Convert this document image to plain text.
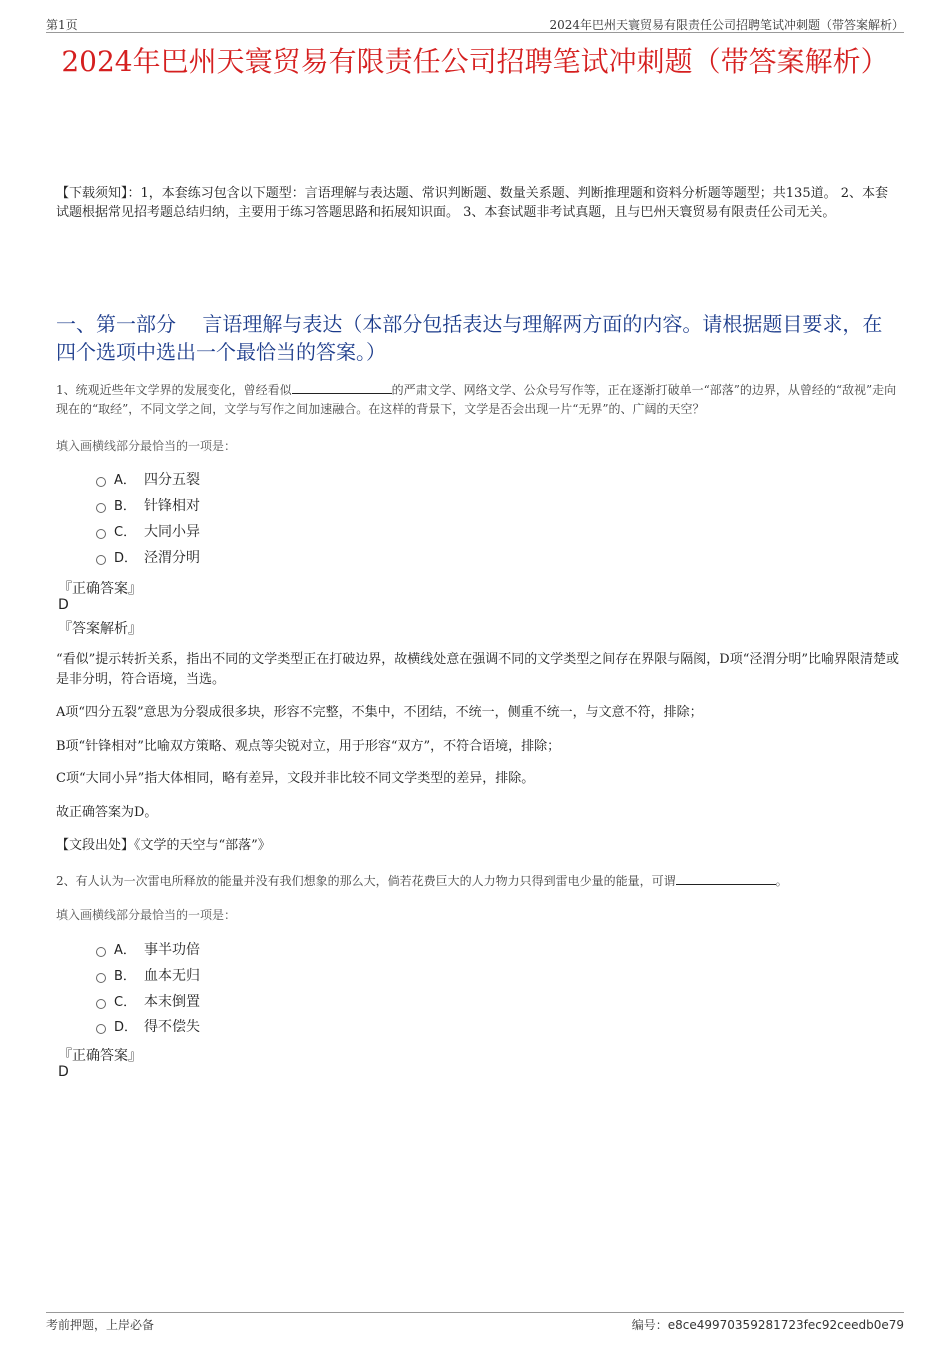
第1页	2024年巴州天寰贸易有限责任公司招聘笔试冲刺题（带答案解析）
2024年巴州天寰贸易有限责任公司招聘笔试冲刺题（带答案解析）
【下载须知】：1，本套练习包含以下题型：言语理解与表达题、常识判断题、数量关系题、判断推理题和资料分析题等题型；共135道。 2、本套试题根据常见招考题总结归纳，主要用于练习答题思路和拓展知识面。 3、本套试题非考试真题，且与巴州天寰贸易有限责任公司无关。
一、第一部分　 言语理解与表达（本部分包括表达与理解两方面的内容。请根据题目要求，在四个选项中选出一个最恰当的答案。）
1、统观近些年文学界的发展变化，曾经看似	的严肃文学、网络文学、公众号写作等，正在逐渐打破单一“部落”的边界，从曾经的“敌视”走向现在的“取经”，不同文学之间，文学与写作之间加速融合。在这样的背景下，文学是否会出现一片“无界”的、广阔的天空？
填入画横线部分最恰当的一项是：
A． 四分五裂
B． 针锋相对
C． 大同小异
D． 泾渭分明
『正确答案』
D
『答案解析』
“看似”提示转折关系，指出不同的文学类型正在打破边界，故横线处意在强调不同的文学类型之间存在界限与隔阂，D项“泾渭分明”比喻界限清楚或是非分明，符合语境，当选。
A项“四分五裂”意思为分裂成很多块，形容不完整，不集中，不团结，不统一，侧重不统一，与文意不符，排除；
B项“针锋相对”比喻双方策略、观点等尖锐对立，用于形容“双方”，不符合语境，排除；
C项“大同小异”指大体相同，略有差异，文段并非比较不同文学类型的差异，排除。
故正确答案为D。
【文段出处】《文学的天空与“部落”》
2、有人认为一次雷电所释放的能量并没有我们想象的那么大，倘若花费巨大的人力物力只得到雷电少量的能量，可谓	。
填入画横线部分最恰当的一项是：
A． 事半功倍
B． 血本无归
C． 本末倒置
D． 得不偿失
『正确答案』
D
考前押题，上岸必备	编号：e8ce49970359281723fec92ceedb0e79
